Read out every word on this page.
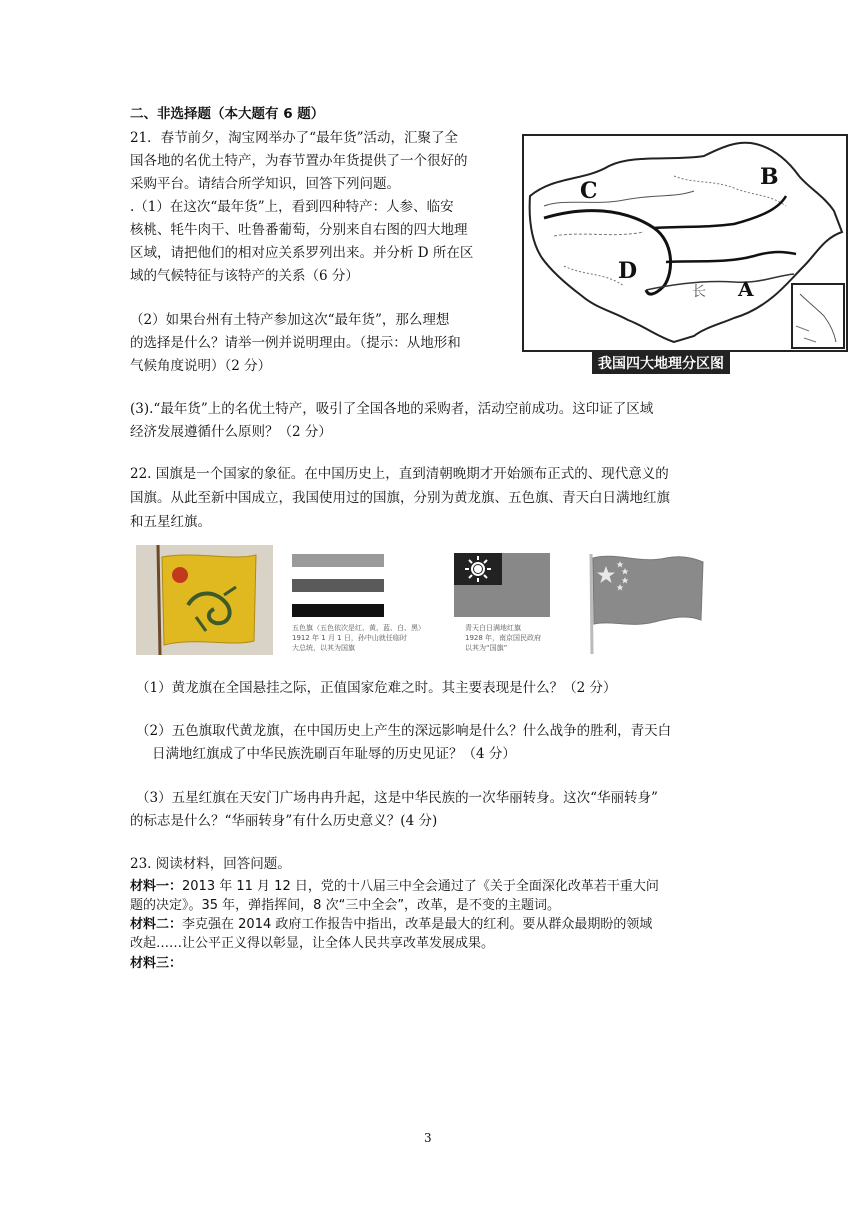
二、非选择题（本大题有 6 题）
21．春节前夕，淘宝网举办了“最年货”活动，汇聚了全
国各地的名优土特产，为春节置办年货提供了一个很好的
采购平台。请结合所学知识，回答下列问题。
.（1）在这次“最年货”上，看到四种特产：人参、临安
核桃、牦牛肉干、吐鲁番葡萄，分别来自右图的四大地理
区域，请把他们的相对应关系罗列出来。并分析 D 所在区
域的气候特征与该特产的关系（6 分）
（2）如果台州有土特产参加这次“最年货”，那么理想
的选择是什么？请举一例并说明理由。（提示：从地形和
气候角度说明）（2 分）
(3).“最年货”上的名优土特产，吸引了全国各地的采购者，活动空前成功。这印证了区域
经济发展遵循什么原则？（2 分）
C
B
D
A
长
我国四大地理分区图
22. 国旗是一个国家的象征。在中国历史上，直到清朝晚期才开始颁布正式的、现代意义的
国旗。从此至新中国成立，我国使用过的国旗，分别为黄龙旗、五色旗、青天白日满地红旗
和五星红旗。
五色旗（五色依次是红、黄、蓝、白、黑）
1912 年 1 月 1 日，孙中山就任临时
大总统，以其为国旗
青天白日满地红旗
1928 年，南京国民政府
以其为“国旗”
（1）黄龙旗在全国悬挂之际，正值国家危难之时。其主要表现是什么？（2 分）
（2）五色旗取代黄龙旗，在中国历史上产生的深远影响是什么？什么战争的胜利，青天白
日满地红旗成了中华民族洗刷百年耻辱的历史见证？（4 分）
（3）五星红旗在天安门广场冉冉升起，这是中华民族的一次华丽转身。这次“华丽转身”
的标志是什么？“华丽转身”有什么历史意义？(4 分)
23. 阅读材料，回答问题。
材料一：2013 年 11 月 12 日，党的十八届三中全会通过了《关于全面深化改革若干重大问
题的决定》。35 年，弹指挥间，8 次“三中全会”，改革，是不变的主题词。
材料二：李克强在 2014 政府工作报告中指出，改革是最大的红利。要从群众最期盼的领域
改起……让公平正义得以彰显，让全体人民共享改革发展成果。
材料三：
3
